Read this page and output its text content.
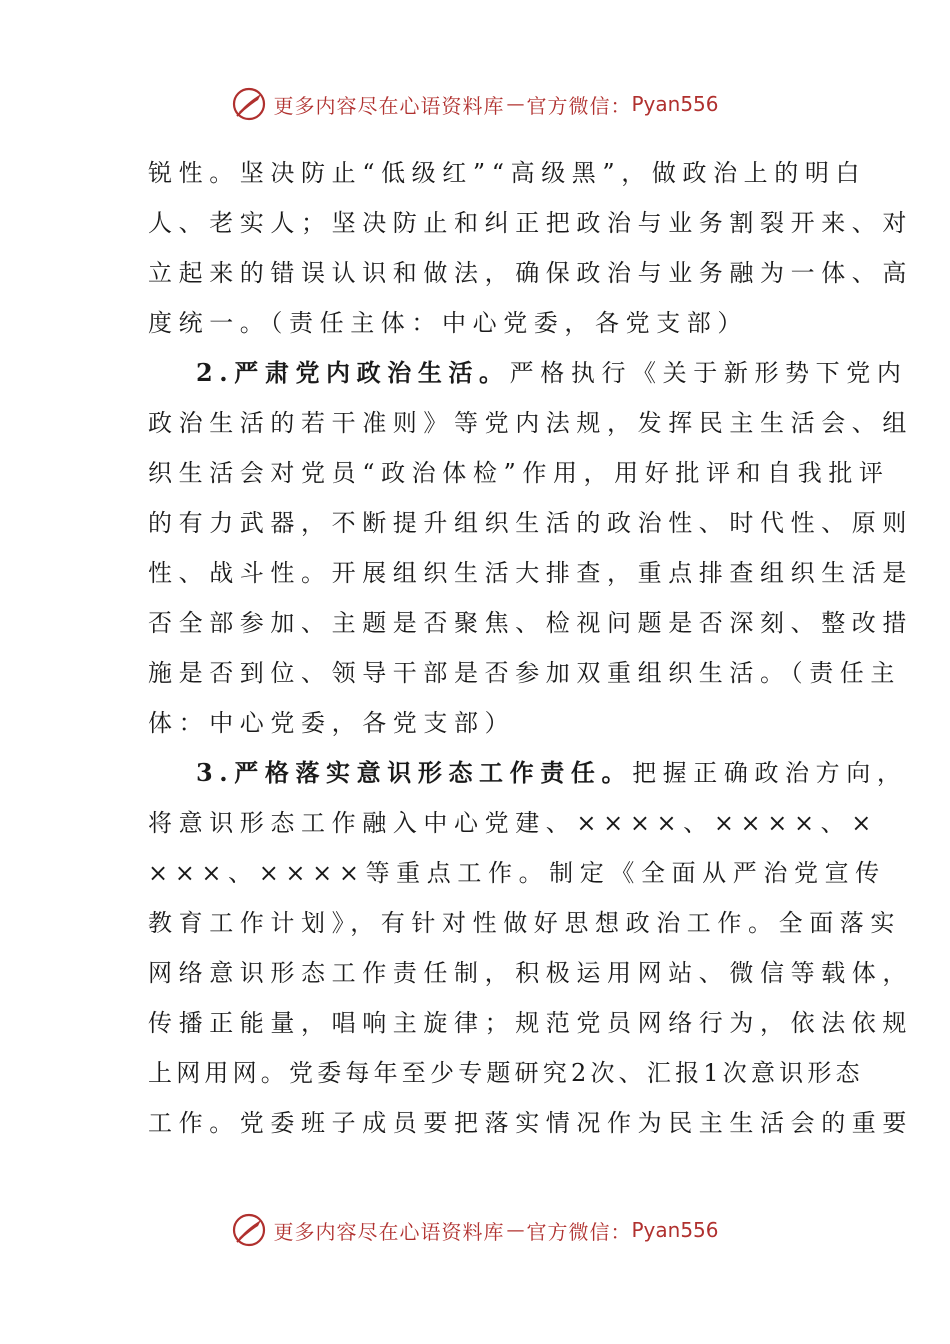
更多内容尽在心语资料库 — 官方微信： Pyan556
锐性。坚决防止“低级红”“高级黑”，做政治上的明白
人、老实人；坚决防止和纠正把政治与业务割裂开来、对
立起来的错误认识和做法，确保政治与业务融为一体、高
度统一。（责任主体：中心党委，各党支部）
2.严肃党内政治生活。严格执行《关于新形势下党内
政治生活的若干准则》等党内法规，发挥民主生活会、组
织生活会对党员“政治体检”作用，用好批评和自我批评
的有力武器，不断提升组织生活的政治性、时代性、原则
性、战斗性。开展组织生活大排查，重点排查组织生活是
否全部参加、主题是否聚焦、检视问题是否深刻、整改措
施是否到位、领导干部是否参加双重组织生活。（责任主
体：中心党委，各党支部）
3.严格落实意识形态工作责任。把握正确政治方向，
将意识形态工作融入中心党建、××××、××××、×
×××、××××等重点工作。制定《全面从严治党宣传
教育工作计划》，有针对性做好思想政治工作。全面落实
网络意识形态工作责任制，积极运用网站、微信等载体，
传播正能量，唱响主旋律；规范党员网络行为，依法依规
上网用网。党委每年至少专题研究2次、汇报1次意识形态
工作。党委班子成员要把落实情况作为民主生活会的重要
更多内容尽在心语资料库 — 官方微信： Pyan556
